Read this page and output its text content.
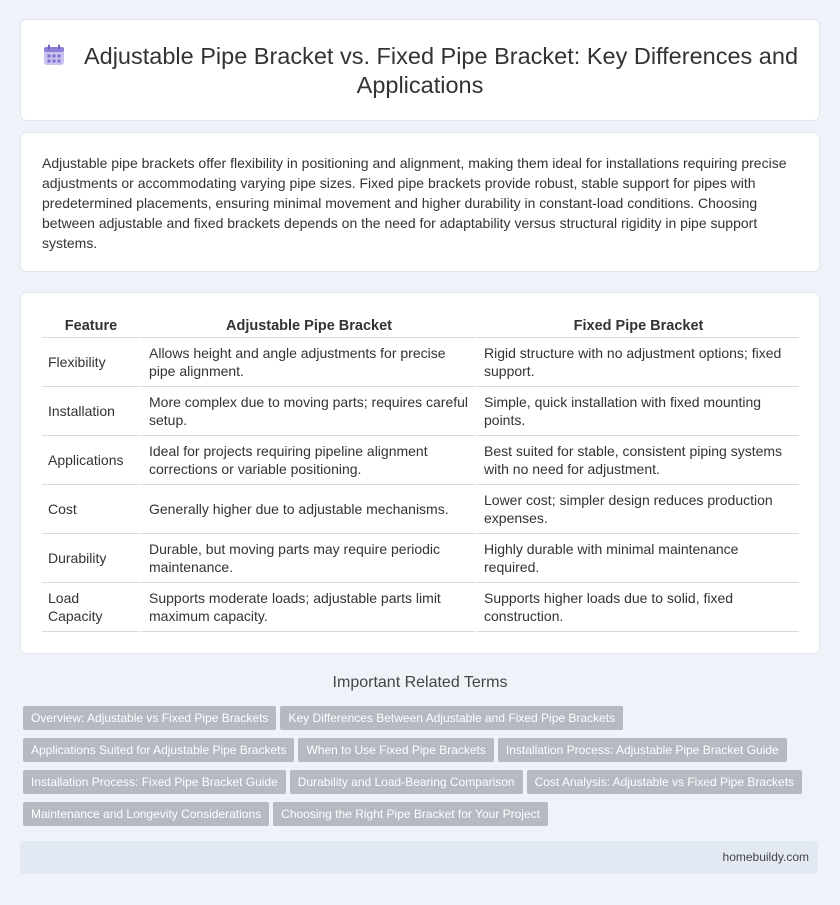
Adjustable Pipe Bracket vs. Fixed Pipe Bracket: Key Differences and Applications

Adjustable pipe brackets offer flexibility in positioning and alignment, making them ideal for installations requiring precise adjustments or accommodating varying pipe sizes. Fixed pipe brackets provide robust, stable support for pipes with predetermined placements, ensuring minimal movement and higher durability in constant-load conditions. Choosing between adjustable and fixed brackets depends on the need for adaptability versus structural rigidity in pipe support systems.

Feature	Adjustable Pipe Bracket	Fixed Pipe Bracket
Flexibility	Allows height and angle adjustments for precise pipe alignment.	Rigid structure with no adjustment options; fixed support.
Installation	More complex due to moving parts; requires careful setup.	Simple, quick installation with fixed mounting points.
Applications	Ideal for projects requiring pipeline alignment corrections or variable positioning.	Best suited for stable, consistent piping systems with no need for adjustment.
Cost	Generally higher due to adjustable mechanisms.	Lower cost; simpler design reduces production expenses.
Durability	Durable, but moving parts may require periodic maintenance.	Highly durable with minimal maintenance required.
Load Capacity	Supports moderate loads; adjustable parts limit maximum capacity.	Supports higher loads due to solid, fixed construction.
Important Related Terms
Overview: Adjustable vs Fixed Pipe Brackets Key Differences Between Adjustable and Fixed Pipe Brackets
Applications Suited for Adjustable Pipe Brackets When to Use Fixed Pipe Brackets Installation Process: Adjustable Pipe Bracket Guide
Installation Process: Fixed Pipe Bracket Guide Durability and Load-Bearing Comparison Cost Analysis: Adjustable vs Fixed Pipe Brackets
Maintenance and Longevity Considerations Choosing the Right Pipe Bracket for Your Project
homebuildy.com
